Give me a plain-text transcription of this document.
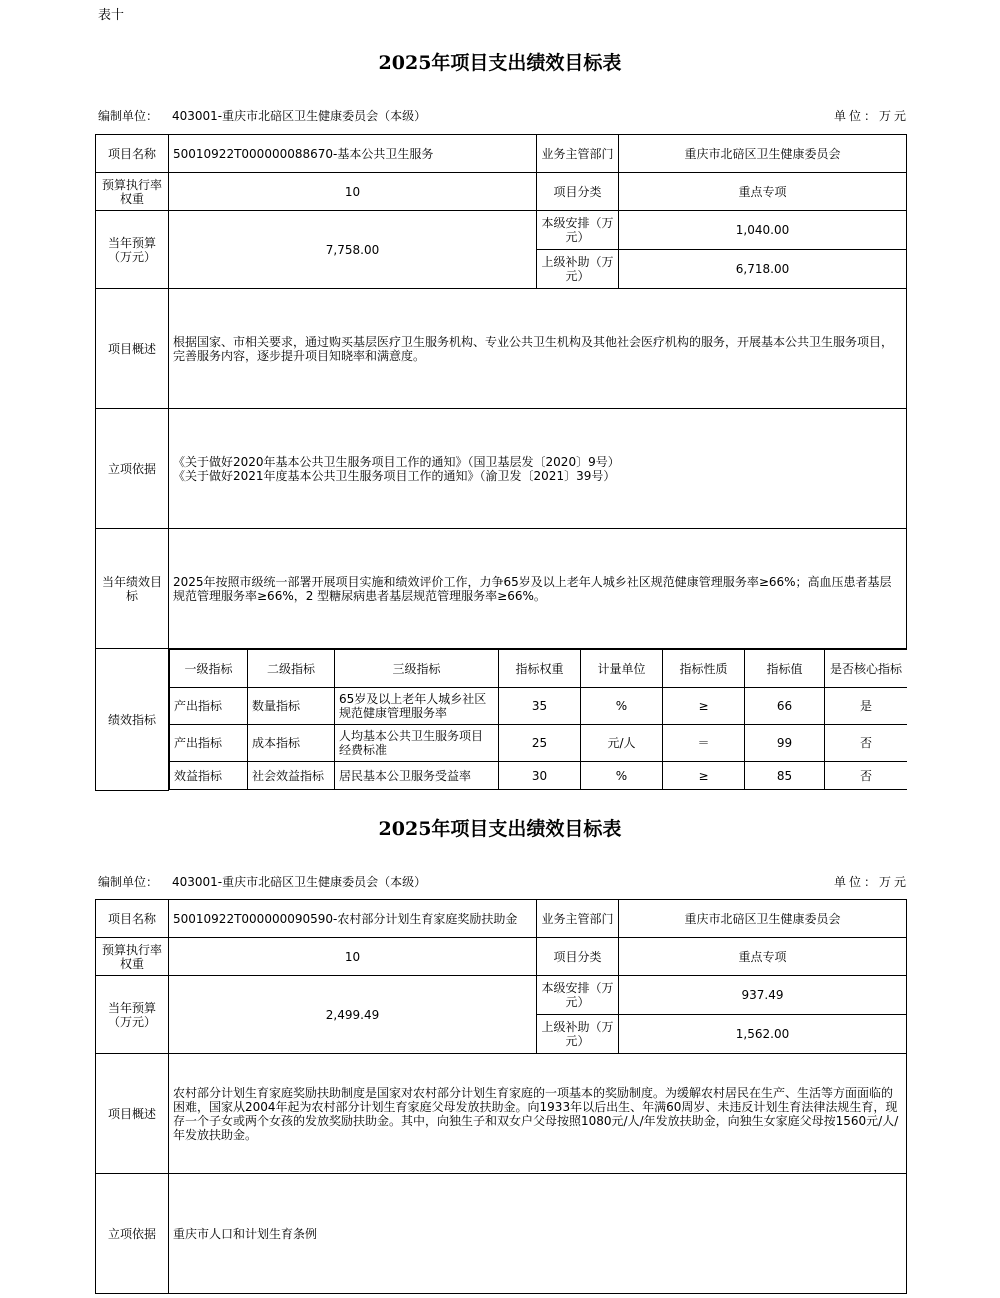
表十
2025年项目支出绩效目标表
编制单位： 403001-重庆市北碚区卫生健康委员会（本级）	单位：万元
项目名称	50010922T000000088670-基本公共卫生服务	业务主管部门	重庆市北碚区卫生健康委员会
预算执行率权重	10	项目分类	重点专项
当年预算（万元）	7,758.00	本级安排（万元）	1,040.00
上级补助（万元）	6,718.00
项目概述	根据国家、市相关要求，通过购买基层医疗卫生服务机构、专业公共卫生机构及其他社会医疗机构的服务，开展基本公共卫生服务项目，完善服务内容，逐步提升项目知晓率和满意度。
立项依据	《关于做好2020年基本公共卫生服务项目工作的通知》（国卫基层发〔2020〕9号）
《关于做好2021年度基本公共卫生服务项目工作的通知》（渝卫发〔2021〕39号）

当年绩效目标	2025年按照市级统一部署开展项目实施和绩效评价工作，力争65岁及以上老年人城乡社区规范健康管理服务率≥66%；高血压患者基层规范管理服务率≥66%，2 型糖尿病患者基层规范管理服务率≥66%。
绩效指标	
一级指标	二级指标	三级指标	指标权重	计量单位	指标性质	指标值	是否核心指标
产出指标	数量指标	65岁及以上老年人城乡社区规范健康管理服务率	35	%	≥	66	是
产出指标	成本指标	人均基本公共卫生服务项目经费标准	25	元/人	＝	99	否
效益指标	社会效益指标	居民基本公卫服务受益率	30	%	≥	85	否
2025年项目支出绩效目标表
编制单位： 403001-重庆市北碚区卫生健康委员会（本级）	单位：万元
项目名称	50010922T000000090590-农村部分计划生育家庭奖励扶助金	业务主管部门	重庆市北碚区卫生健康委员会
预算执行率权重	10	项目分类	重点专项
当年预算（万元）	2,499.49	本级安排（万元）	937.49
		上级补助（万元）	1,562.00
项目概述	农村部分计划生育家庭奖励扶助制度是国家对农村部分计划生育家庭的一项基本的奖励制度。为缓解农村居民在生产、生活等方面面临的困难，国家从2004年起为农村部分计划生育家庭父母发放扶助金。向1933年以后出生、年满60周岁、未违反计划生育法律法规生育，现存一个子女或两个女孩的发放奖励扶助金。其中，向独生子和双女户父母按照1080元/人/年发放扶助金，向独生女家庭父母按1560元/人/年发放扶助金。		
立项依据	重庆市人口和计划生育条例		
